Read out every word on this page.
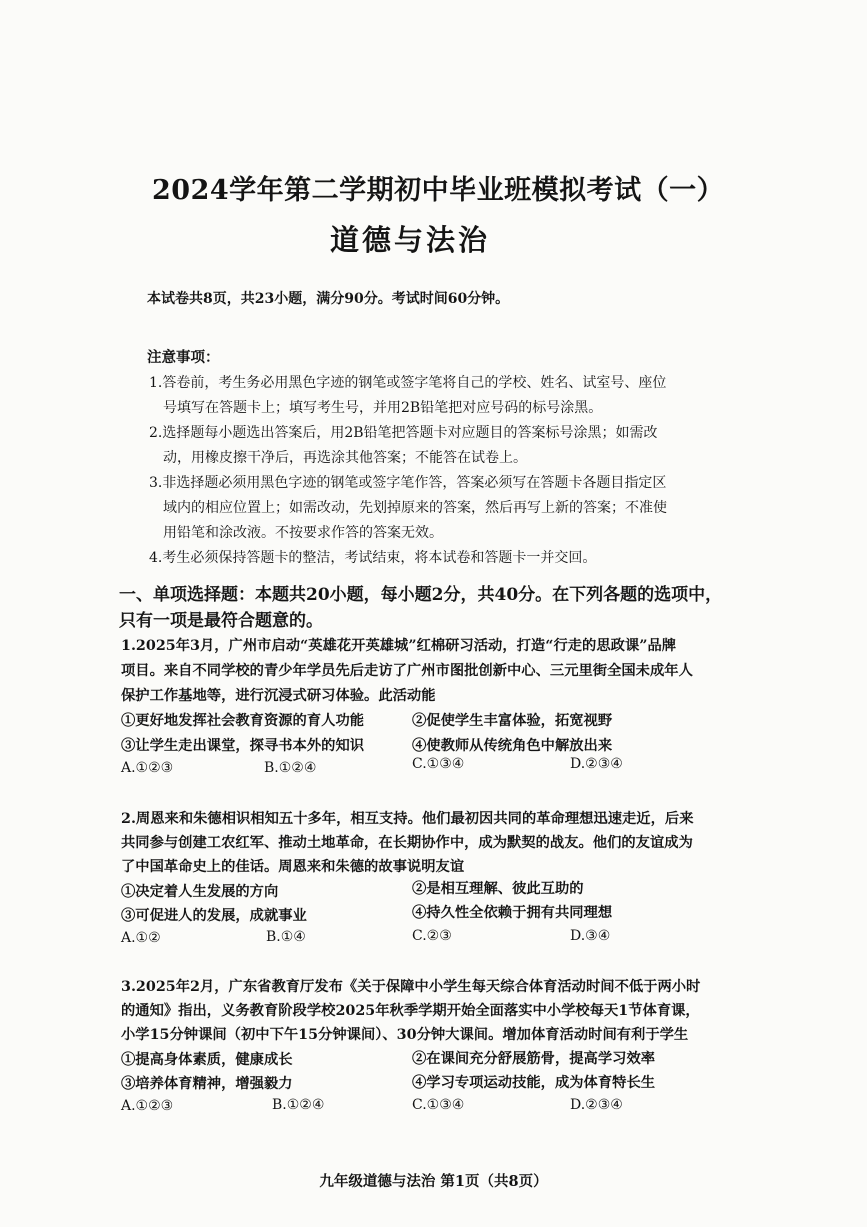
2024学年第二学期初中毕业班模拟考试（一）
道德与法治
本试卷共8页，共23小题，满分90分。考试时间60分钟。
注意事项：
1.答卷前，考生务必用黑色字迹的钢笔或签字笔将自己的学校、姓名、试室号、座位
号填写在答题卡上；填写考生号，并用2B铅笔把对应号码的标号涂黑。
2.选择题每小题选出答案后，用2B铅笔把答题卡对应题目的答案标号涂黑；如需改
动，用橡皮擦干净后，再选涂其他答案；不能答在试卷上。
3.非选择题必须用黑色字迹的钢笔或签字笔作答，答案必须写在答题卡各题目指定区
域内的相应位置上；如需改动，先划掉原来的答案，然后再写上新的答案；不准使
用铅笔和涂改液。不按要求作答的答案无效。
4.考生必须保持答题卡的整洁，考试结束，将本试卷和答题卡一并交回。
一、单项选择题：本题共20小题，每小题2分，共40分。在下列各题的选项中，
只有一项是最符合题意的。
1.2025年3月，广州市启动“英雄花开英雄城”红棉研习活动，打造“行走的思政课”品牌
项目。来自不同学校的青少年学员先后走访了广州市图批创新中心、三元里街全国未成年人
保护工作基地等，进行沉浸式研习体验。此活动能
①更好地发挥社会教育资源的育人功能	②促使学生丰富体验，拓宽视野
③让学生走出课堂，探寻书本外的知识	④使教师从传统角色中解放出来
A.①②③	B.①②④	C.①③④	D.②③④
2.周恩来和朱德相识相知五十多年，相互支持。他们最初因共同的革命理想迅速走近，后来
共同参与创建工农红军、推动土地革命，在长期协作中，成为默契的战友。他们的友谊成为
了中国革命史上的佳话。周恩来和朱德的故事说明友谊
①决定着人生发展的方向	②是相互理解、彼此互助的
③可促进人的发展，成就事业	④持久性全依赖于拥有共同理想
A.①②	B.①④	C.②③	D.③④
3.2025年2月，广东省教育厅发布《关于保障中小学生每天综合体育活动时间不低于两小时
的通知》指出，义务教育阶段学校2025年秋季学期开始全面落实中小学校每天1节体育课，
小学15分钟课间（初中下午15分钟课间）、30分钟大课间。增加体育活动时间有利于学生
①提高身体素质，健康成长	②在课间充分舒展筋骨，提高学习效率
③培养体育精神，增强毅力	④学习专项运动技能，成为体育特长生
A.①②③	B.①②④	C.①③④	D.②③④
九年级道德与法治 第1页（共8页）
